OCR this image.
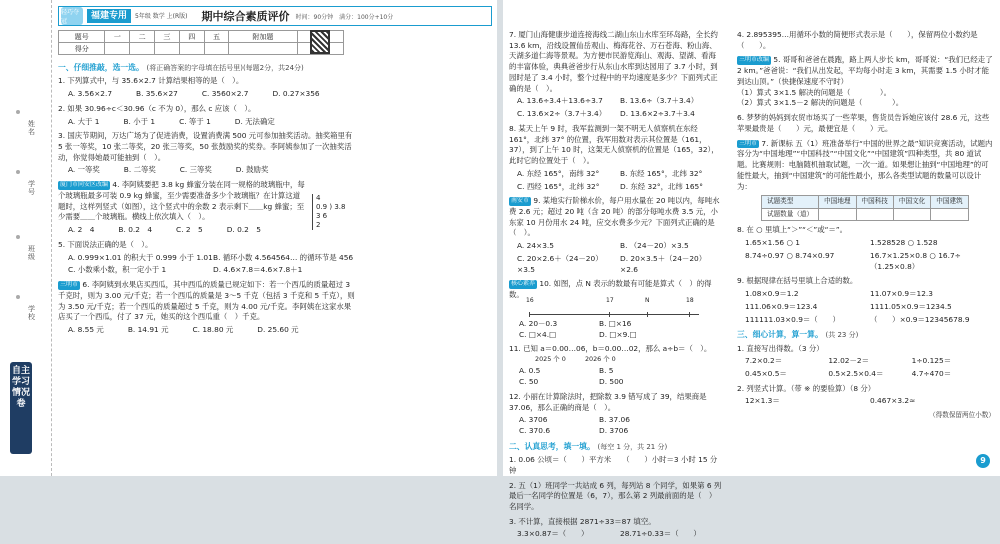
姓名
学号
班级
学校
自主学习情况卷
轻巧夺冠
福建专用	5年级 数学 上(R版) 期中综合素质评价 时间：90分钟　满分：100分+10分
题号	一	二	三	四	五	附加题	
得分							
一、仔细推敲，选一选。 (将正确答案的字母填在括号里)(每题2分，共24分)
1. 下列算式中，与 35.6×2.7 计算结果相等的是（　）。
A. 3.56×2.7	B. 35.6×27	C. 3560×2.7	D. 0.27×356
2. 如果 30.96÷c＜30.96（c 不为 0），那么 c 应该（　）。
A. 大于 1	B. 小于 1	C. 等于 1	D. 无法确定
3. 国庆节期间，万达广场为了促进消费，设置消费满 500 元可参加抽奖活动。抽奖箱里有 5 张一等奖，10 张二等奖，20 张三等奖，50 张鼓励奖的奖券。李阿姨参加了一次抽奖活动，你觉得她最可能抽到（　）。
A. 一等奖	B. 二等奖	C. 三等奖	D. 鼓励奖
厦门市同安区改编 4. 李阿姨要把 3.8 kg 蜂蜜分装在同一规格的玻璃瓶中，每个玻璃瓶最多可装 0.9 kg 蜂蜜，至少需要准备多少个玻璃瓶？在计算这道题时，这样列竖式（如图），这个竖式中的余数 2 表示剩下＿＿kg 蜂蜜；至少需要＿＿个玻璃瓶。横线上依次填入（　）。
A. 2　4	B. 0.2　4	C. 2　5	D. 0.2　5
4
0.9 ) 3.8
3 6
2
5. 下面说法正确的是（　）。
A. 0.999×1.01 的积大于 0.999 小于 1.01 B. 循环小数 4.564564… 的循环节是 456
C. 小数乘小数，积一定小于 1	D. 4.6×7.8＝4.6×7.8＋1
三明市 6. 李阿姨到水果店买西瓜，其中西瓜的质量已规定如下：若一个西瓜的质量超过 3 千克时，则为 3.00 元/千克；若一个西瓜的质量是 3～5 千克（包括 3 千克和 5 千克），则为 3.50 元/千克；若一个西瓜的质量超过 5 千克，则为 4.00 元/千克。李阿姨在这家水果店买了一个西瓜，付了 37 元，她买的这个西瓜重（　）千克。
A. 8.55 元	B. 14.91 元	C. 18.80 元	D. 25.60 元
7. 厦门山海健康步道连接海线二湖山东山水库至环岛路，全长约 13.6 km，沿线设置仙岳观山、梅海花谷、万石苍海、粉山海、天湖多道仁海等景观。为方便市民游览海山、观海、望湖、看海的丰富体验，典典爸爸步行从东山水库到达园用了 3.7 小时，到园时是了 3.4 小时，整个过程中的平均速度是多少？下面列式正确的是（　）。
A. 13.6÷3.4＋13.6÷3.7	B. 13.6÷（3.7＋3.4）
C. 13.6×2÷（3.7＋3.4）	D. 13.6×2÷3.7＋3.4
8. 某天上午 9 时，我军监测到一架不明无人侦察机在东经 161°，北纬 37° 的位置，我军用数对表示其位置是（161，37），到了上午 10 时，这架无人侦察机的位置是（165，32），此时它的位置处于（　）。
A. 东经 165°，南纬 32°	B. 东经 165°，北纬 32°
C. 西经 165°，北纬 32°	D. 东经 32°，北纬 165°
南安市 9. 某地实行阶梯水价，每户用水量在 20 吨以内，每吨水费 2.6 元；超过 20 吨（含 20 吨）的部分每吨水费 3.5 元，小东家 10 月份用水 24 吨，应交水费多少元？下面列式正确的是（　）。
A. 24×3.5	B. （24－20）×3.5
C. 20×2.6＋（24－20）×3.5
D. 20×3.5＋（24－20）×2.6
核心素养 10. 如图，点 N 表示的数最有可能是算式（　）的得数。
16	17	N	18
A. 20－0.3	B. □×16
C. □×4.□	D. □×9.□
11. 已知 a＝0.00…06，b＝0.00…02，那么 a÷b＝（　）。
2025 个 0　　　	2026 个 0
A. 0.5	B. 5
C. 50	D. 500
12. 小丽在计算除法时，把除数 3.9 错写成了 39，结果商是 37.06，那么正确的商是（　）。
A. 3706	B. 37.06
C. 370.6	D. 3706
二、认真思考，填一填。 (每空 1 分，共 21 分)
1. 0.06 公顷＝（　　）平方米　　（　　）小时＝3 小时 15 分钟
2. 五（1）班同学一共站成 6 列，每列站 8 个同学，如果第 6 列最后一名同学的位置是（6，7），那么第 2 列最前面的是（　）名同学。
3. 不计算，直接根据 2871÷33＝87 填空。
3.3×0.87＝（　　）	28.71÷0.33＝（　　）
4. 2.895395…用循环小数的简便形式表示是（　　），保留两位小数约是（　　）。
三明市改编 5. 哥哥和爸爸在晨跑，路上两人步长 km，哥哥说：“我们已经走了 2 km。”爸爸说：“我们从出发起，平均每小时走 3 km，其需要 1.5 小时才能到达山顶。”（快捷保速度不守时）
（1）算式 3×1.5 解决的问题是（　　　　）。
（2）算式 3×1.5－2 解决的问题是（　　　　）。
6. 梦梦的妈妈到农贸市场买了一些苹果，售货员告诉她应该付 28.6 元，这些苹果最贵是（　　）元，最便宜是（　　）元。
三明市 7. 新课标 五（1）班准备举行“中国的世界之最”知识竞赛活动，试题内容分为“中国地理”“中国科技”“中国文化”“中国建筑”四种类型，共 80 道试题。比赛规则：电脑随机抽取试题，一次一道。如果想让抽到“中国地理”的可能性最大，抽到“中国建筑”的可能性最小，那么各类型试题的数量可以设计为：
试题类型	中国地理	中国科技	中国文化	中国建筑
试题数量（道）				
8. 在 ○ 里填上“＞”“＜”或“＝”。
1.65×1.56 ○ 1	1.528528 ○ 1.528
8.74÷0.97 ○ 8.74×0.97	16.7×1.25×0.8 ○ 16.7÷（1.25×0.8）
9. 根据现律在括号里填上合适的数。
1.08×0.9＝1.2	11.07×0.9＝12.3
111.06×0.9＝123.4	1111.05×0.9＝1234.5
111111.03×0.9＝（　　）	（　　）×0.9＝12345678.9
三、细心计算，算一算。 (共 23 分)
1. 直接写出得数。（3 分）
7.2×0.2＝	12.02－2＝	1÷0.125＝
0.45×0.5＝	0.5×2.5×0.4＝	4.7÷470＝
2. 列竖式计算。（带 ※ 的要验算）（8 分）
12×1.3＝	0.467×3.2≈
（得数保留两位小数）
9
